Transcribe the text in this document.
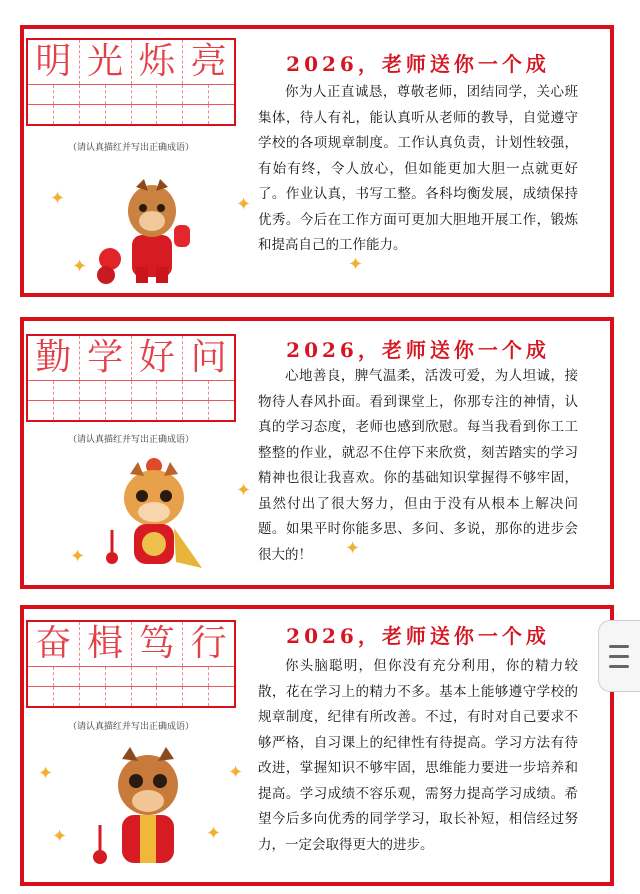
明 光 烁 亮
（请认真描红并写出正确成语）
2026，老师送你一个成
你为人正直诚恳，尊敬老师，团结同学，关心班集体，待人有礼，能认真听从老师的教导，自觉遵守学校的各项规章制度。工作认真负责，计划性较强，有始有终，令人放心，但如能更加大胆一点就更好了。作业认真，书写工整。各科均衡发展，成绩保持优秀。今后在工作方面可更加大胆地开展工作，锻炼和提高自己的工作能力。
✦
✦
✦
✦
勤 学 好 问
（请认真描红并写出正确成语）
2026，老师送你一个成
心地善良，脾气温柔，活泼可爱，为人坦诚，接物待人春风扑面。看到课堂上，你那专注的神情，认真的学习态度，老师也感到欣慰。每当我看到你工工整整的作业，就忍不住停下来欣赏，刻苦踏实的学习精神也很让我喜欢。你的基础知识掌握得不够牢固，虽然付出了很大努力，但由于没有从根本上解决问题。如果平时你能多思、多问、多说，那你的进步会很大的！
✦
✦	✦
奋 楫 笃 行
（请认真描红并写出正确成语）
2026，老师送你一个成
你头脑聪明，但你没有充分利用，你的精力较散，花在学习上的精力不多。基本上能够遵守学校的规章制度，纪律有所改善。不过，有时对自己要求不够严格，自习课上的纪律性有待提高。学习方法有待改进，掌握知识不够牢固，思维能力要进一步培养和提高。学习成绩不容乐观，需努力提高学习成绩。希望今后多向优秀的同学学习，取长补短，相信经过努力，一定会取得更大的进步。
✦
✦
✦
✦
